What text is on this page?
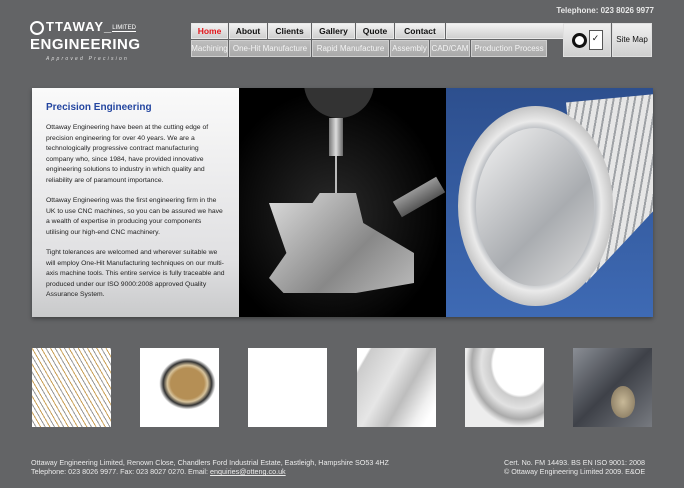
TTAWAY_LIMITED
ENGINEERING
Approved Precision
Telephone: 023 8026 9977
Home	About	Clients	Gallery	Quote	Contact
Machining One-Hit Manufacture	Rapid Manufacture Assembly CAD/CAM Production Process
✓	Site Map
Precision Engineering

Ottaway Engineering have been at the cutting edge of precision engineering for over 40 years. We are a technologically progressive contract manufacturing company who, since 1984, have provided innovative engineering solutions to industry in which quality and reliability are of paramount importance.

Ottaway Engineering was the first engineering firm in the UK to use CNC machines, so you can be assured we have a wealth of expertise in producing your components utilising our high-end CNC machinery.

Tight tolerances are welcomed and wherever suitable we will employ One-Hit Manufacturing techniques on our multi-axis machine tools. This entire service is fully traceable and produced under our ISO 9000:2008 approved Quality Assurance System.

Ottaway Engineering Limited, Renown Close, Chandlers Ford Industrial Estate, Eastleigh, Hampshire SO53 4HZ
Telephone: 023 8026 9977. Fax: 023 8027 0270. Email: enquiries@otteng.co.uk
Cert. No. FM 14493. BS EN ISO 9001: 2008
© Ottaway Engineering Limited 2009. E&OE
